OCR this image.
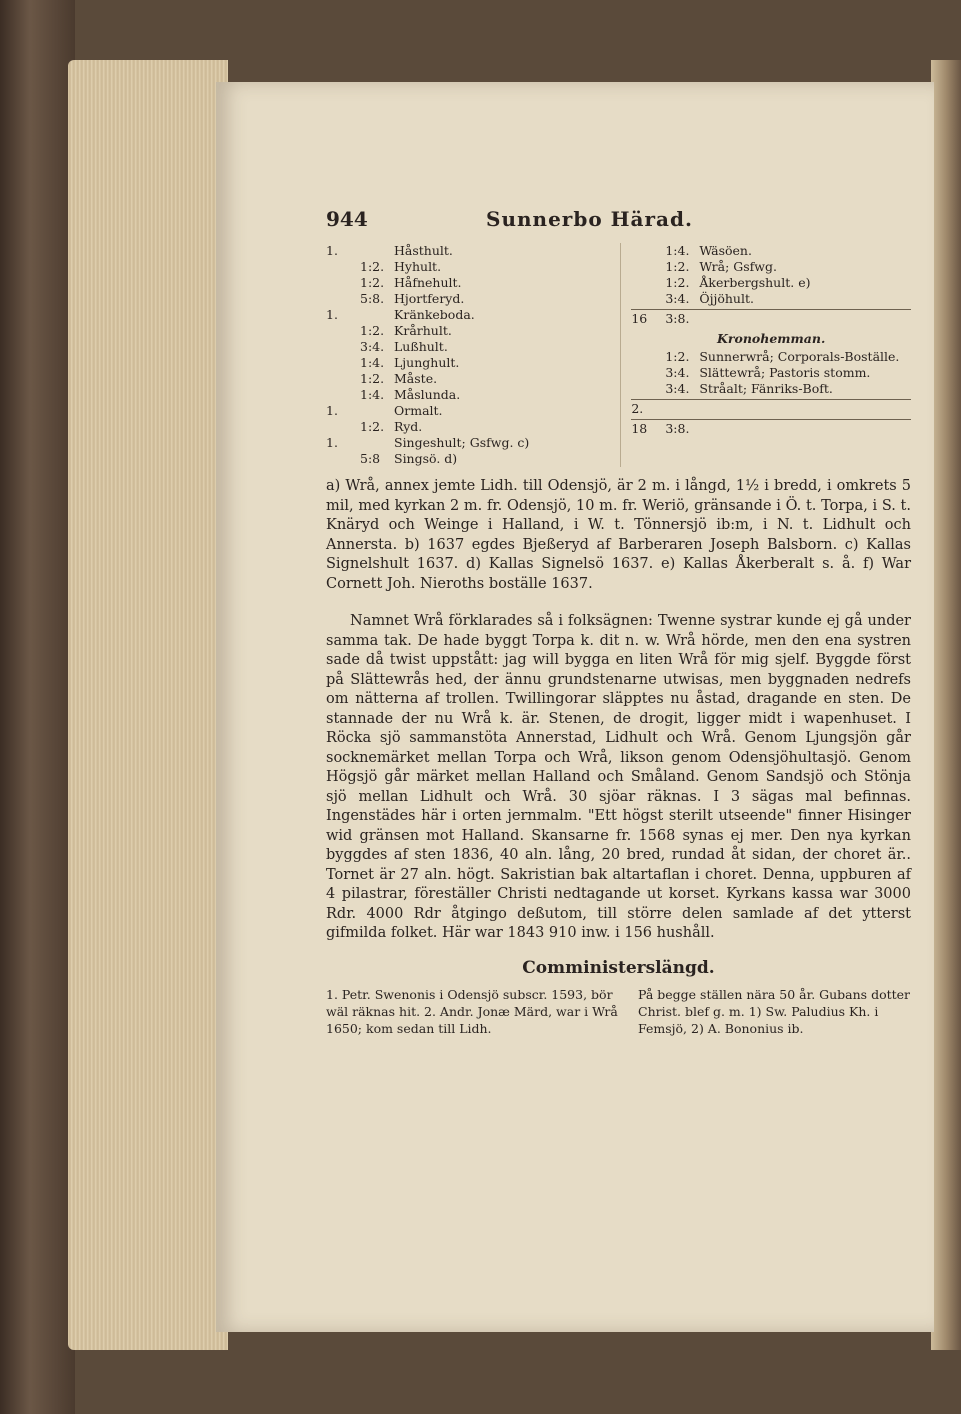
944	Sunnerbo Härad.
1.	Håsthult.
1:2. Hyhult.
1:2. Håfnehult.
5:8. Hjortferyd.
1.	Kränkeboda.
1:2. Krårhult.
3:4. Lußhult.
1:4. Ljunghult.
1:2. Måste.
1:4. Måslunda.
1.	Ormalt.
1:2. Ryd.
1.	Singeshult; Gsfwg. c)
5:8	Singsö. d)
1:4. Wäsöen.
1:2. Wrå; Gsfwg.
1:2. Åkerbergshult. e)
3:4. Öjjöhult.
16	3:8.
Kronohemman.
1:2. Sunnerwrå; Corporals-Boställe.
3:4. Slättewrå; Pastoris stomm.
3:4. Stråalt; Fänriks-Boft.
2.
18	3:8.
a) Wrå, annex jemte Lidh. till Odensjö, är 2 m. i långd, 1½ i bredd, i omkrets 5 mil, med kyrkan 2 m. fr. Odensjö, 10 m. fr. Weriö, gränsande i Ö. t. Torpa, i S. t. Knäryd och Weinge i Halland, i W. t. Tönnersjö ib:m, i N. t. Lidhult och Annersta. b) 1637 egdes Bjeßeryd af Barberaren Joseph Balsborn. c) Kallas Signelshult 1637. d) Kallas Signelsö 1637. e) Kallas Åkerberalt s. å. f) War Cornett Joh. Nieroths boställe 1637.
Namnet Wrå förklarades så i folksägnen: Twenne systrar kunde ej gå under samma tak. De hade byggt Torpa k. dit n. w. Wrå hörde, men den ena systren sade då twist uppstått: jag will bygga en liten Wrå för mig sjelf. Byggde först på Slättewrås hed, der ännu grundstenarne utwisas, men byggnaden nedrefs om nätterna af trollen. Twillingorar släpptes nu åstad, dragande en sten. De stannade der nu Wrå k. är. Stenen, de drogit, ligger midt i wapenhuset. I Röcka sjö sammanstöta Annerstad, Lidhult och Wrå. Genom Ljungsjön går socknemärket mellan Torpa och Wrå, likson genom Odensjöhultasjö. Genom Högsjö går märket mellan Halland och Småland. Genom Sandsjö och Stönja sjö mellan Lidhult och Wrå. 30 sjöar räknas. I 3 sägas mal befinnas. Ingenstädes här i orten jernmalm. "Ett högst sterilt utseende" finner Hisinger wid gränsen mot Halland. Skansarne fr. 1568 synas ej mer. Den nya kyrkan byggdes af sten 1836, 40 aln. lång, 20 bred, rundad åt sidan, der choret är.. Tornet är 27 aln. högt. Sakristian bak altartaflan i choret. Denna, uppburen af 4 pilastrar, föreställer Christi nedtagande ut korset. Kyrkans kassa war 3000 Rdr. 4000 Rdr åtgingo deßutom, till större delen samlade af det ytterst gifmilda folket. Här war 1843 910 inw. i 156 hushåll.
Comministerslängd.
1. Petr. Swenonis i Odensjö subscr. 1593, bör wäl räknas hit. 2. Andr. Jonæ Märd, war i Wrå 1650; kom sedan till Lidh.
På begge ställen nära 50 år. Gubans dotter Christ. blef g. m. 1) Sw. Paludius Kh. i Femsjö, 2) A. Bononius ib.
